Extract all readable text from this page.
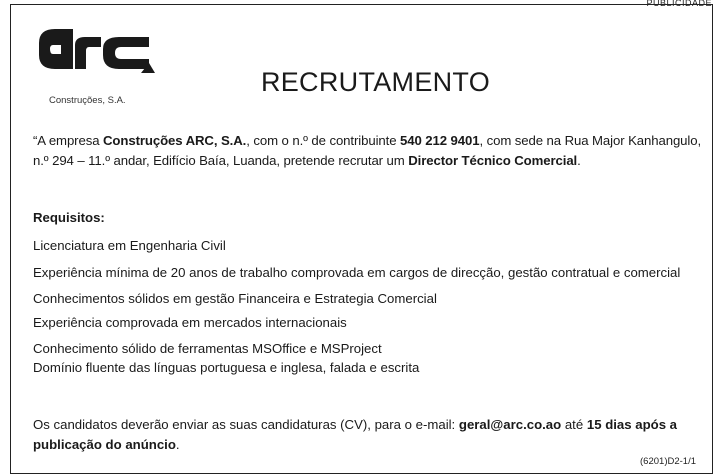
PUBLICIDADE
Construções, S.A.
RECRUTAMENTO
“A empresa Construções ARC, S.A., com o n.º de contribuinte 540 212 9401, com sede na Rua Major Kanhangulo, n.º 294 – 11.º andar, Edifício Baía, Luanda, pretende recrutar um Director Técnico Comercial.
Requisitos:
Licenciatura em Engenharia Civil
Experiência mínima de 20 anos de trabalho comprovada em cargos de direcção, gestão contratual e comercial
Conhecimentos sólidos em gestão Financeira e Estrategia Comercial
Experiência comprovada em mercados internacionais
Conhecimento sólido de ferramentas MSOffice e MSProject
Domínio fluente das línguas portuguesa e inglesa, falada e escrita
Os candidatos deverão enviar as suas candidaturas (CV), para o e-mail: geral@arc.co.ao até 15 dias após a publicação do anúncio.
(6201)D2-1/1
